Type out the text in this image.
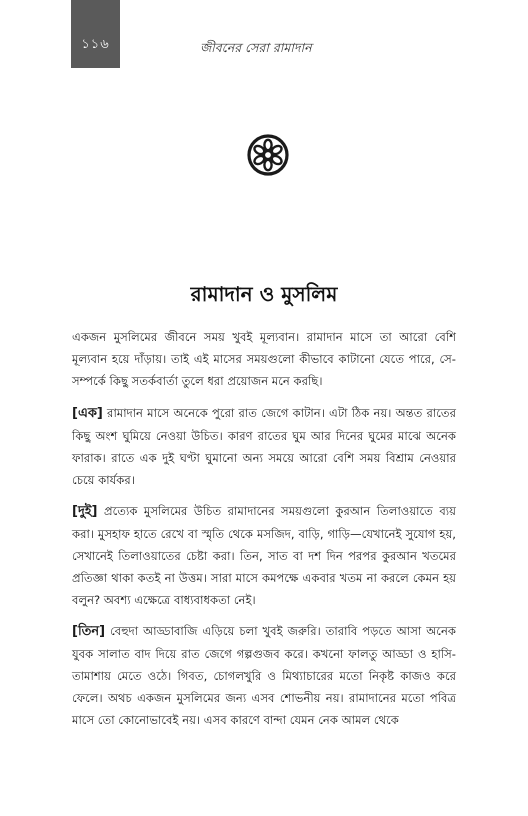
১১৬	জীবনের সেরা রামাদান
রামাদান ও মুসলিম

একজন মুসলিমের জীবনে সময় খুবই মূল্যবান। রামাদান মাসে তা আরো বেশি মূল্যবান হয়ে দাঁড়ায়। তাই এই মাসের সময়গুলো কীভাবে কাটানো যেতে পারে, সে-সম্পর্কে কিছু সতর্কবার্তা তুলে ধরা প্রয়োজন মনে করছি।

[এক] রামাদান মাসে অনেকে পুরো রাত জেগে কাটান। এটা ঠিক নয়। অন্তত রাতের কিছু অংশ ঘুমিয়ে নেওয়া উচিত। কারণ রাতের ঘুম আর দিনের ঘুমের মাঝে অনেক ফারাক। রাতে এক দুই ঘণ্টা ঘুমানো অন্য সময়ে আরো বেশি সময় বিশ্রাম নেওয়ার চেয়ে কার্যকর।

[দুই] প্রত্যেক মুসলিমের উচিত রামাদানের সময়গুলো কুরআন তিলাওয়াতে ব্যয় করা। মুসহাফ হাতে রেখে বা স্মৃতি থেকে মসজিদ, বাড়ি, গাড়ি—যেখানেই সুযোগ হয়, সেখানেই তিলাওয়াতের চেষ্টা করা। তিন, সাত বা দশ দিন পরপর কুরআন খতমের প্রতিজ্ঞা থাকা কতই না উত্তম। সারা মাসে কমপক্ষে একবার খতম না করলে কেমন হয় বলুন? অবশ্য এক্ষেত্রে বাধ্যবাধকতা নেই।

[তিন] বেহুদা আড্ডাবাজি এড়িয়ে চলা খুবই জরুরি। তারাবি পড়তে আসা অনেক যুবক সালাত বাদ দিয়ে রাত জেগে গল্পগুজব করে। কখনো ফালতু আড্ডা ও হাসি-তামাশায় মেতে ওঠে। গিবত, চোগলখুরি ও মিথ্যাচারের মতো নিকৃষ্ট কাজও করে ফেলে। অথচ একজন মুসলিমের জন্য এসব শোভনীয় নয়। রামাদানের মতো পবিত্র মাসে তো কোনোভাবেই নয়। এসব কারণে বান্দা যেমন নেক আমল থেকে
